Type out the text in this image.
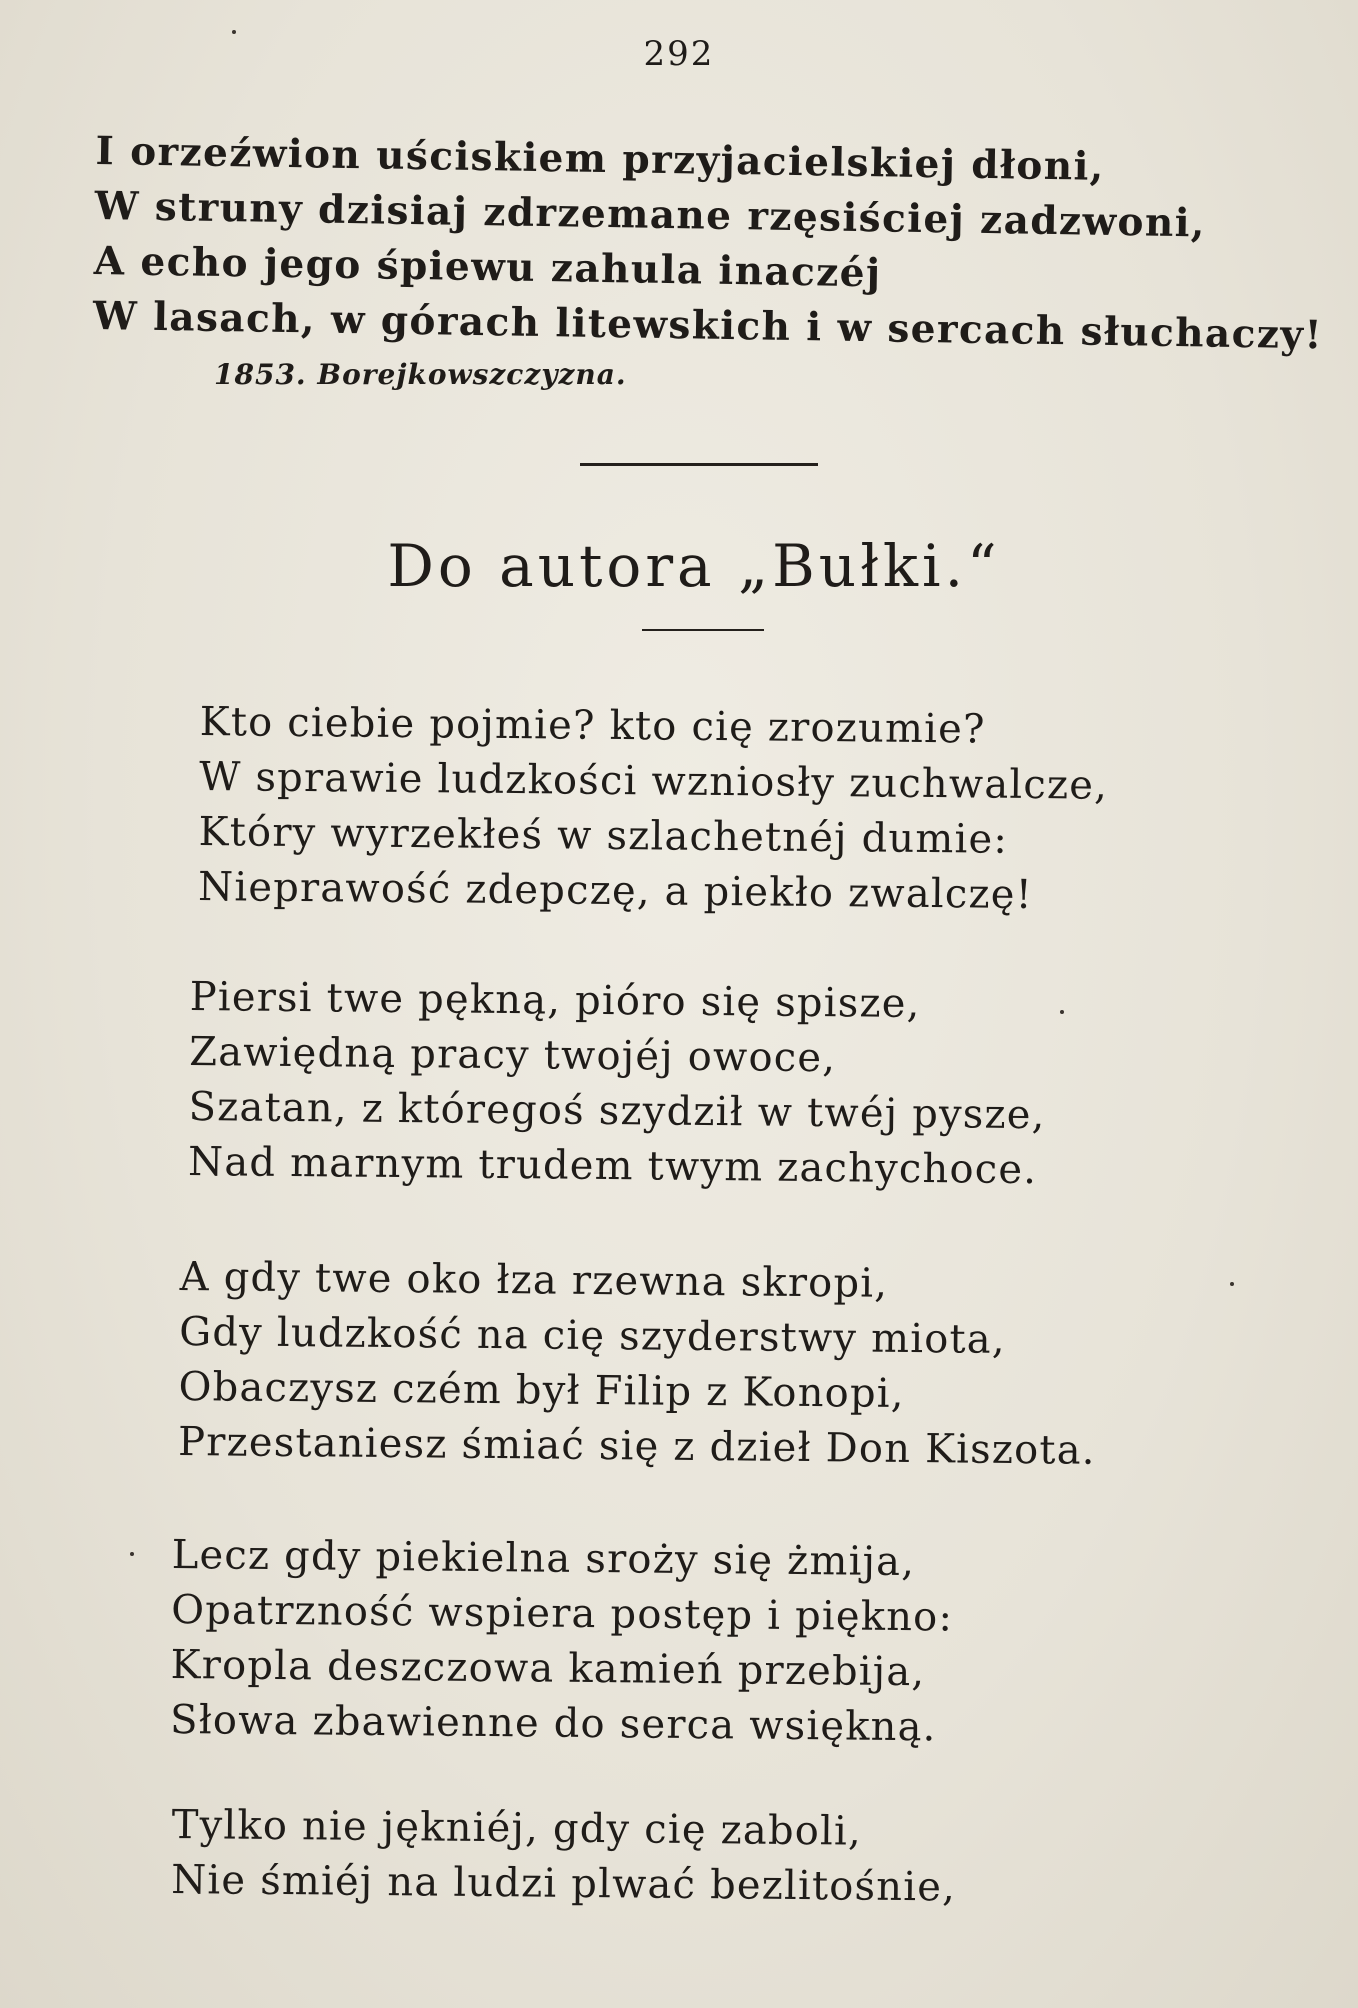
292
I orzeźwion uściskiem przyjacielskiej dłoni,
W struny dzisiaj zdrzemane rzęsiściej zadzwoni,
A echo jego śpiewu zahula inaczéj
W lasach, w górach litewskich i w sercach słuchaczy!
1853. Borejkowszczyzna.
Do autora „Bułki.“
Kto ciebie pojmie? kto cię zrozumie?
W sprawie ludzkości wzniosły zuchwalcze,
Który wyrzekłeś w szlachetnéj dumie:
Nieprawość zdepczę, a piekło zwalczę!
Piersi twe pękną, pióro się spisze,
Zawiędną pracy twojéj owoce,
Szatan, z któregoś szydził w twéj pysze,
Nad marnym trudem twym zachychoce.
A gdy twe oko łza rzewna skropi,
Gdy ludzkość na cię szyderstwy miota,
Obaczysz czém był Filip z Konopi,
Przestaniesz śmiać się z dzieł Don Kiszota.
Lecz gdy piekielna sroży się żmija,
Opatrzność wspiera postęp i piękno:
Kropla deszczowa kamień przebija,
Słowa zbawienne do serca wsiękną.
Tylko nie jękniéj, gdy cię zaboli,
Nie śmiéj na ludzi plwać bezlitośnie,
